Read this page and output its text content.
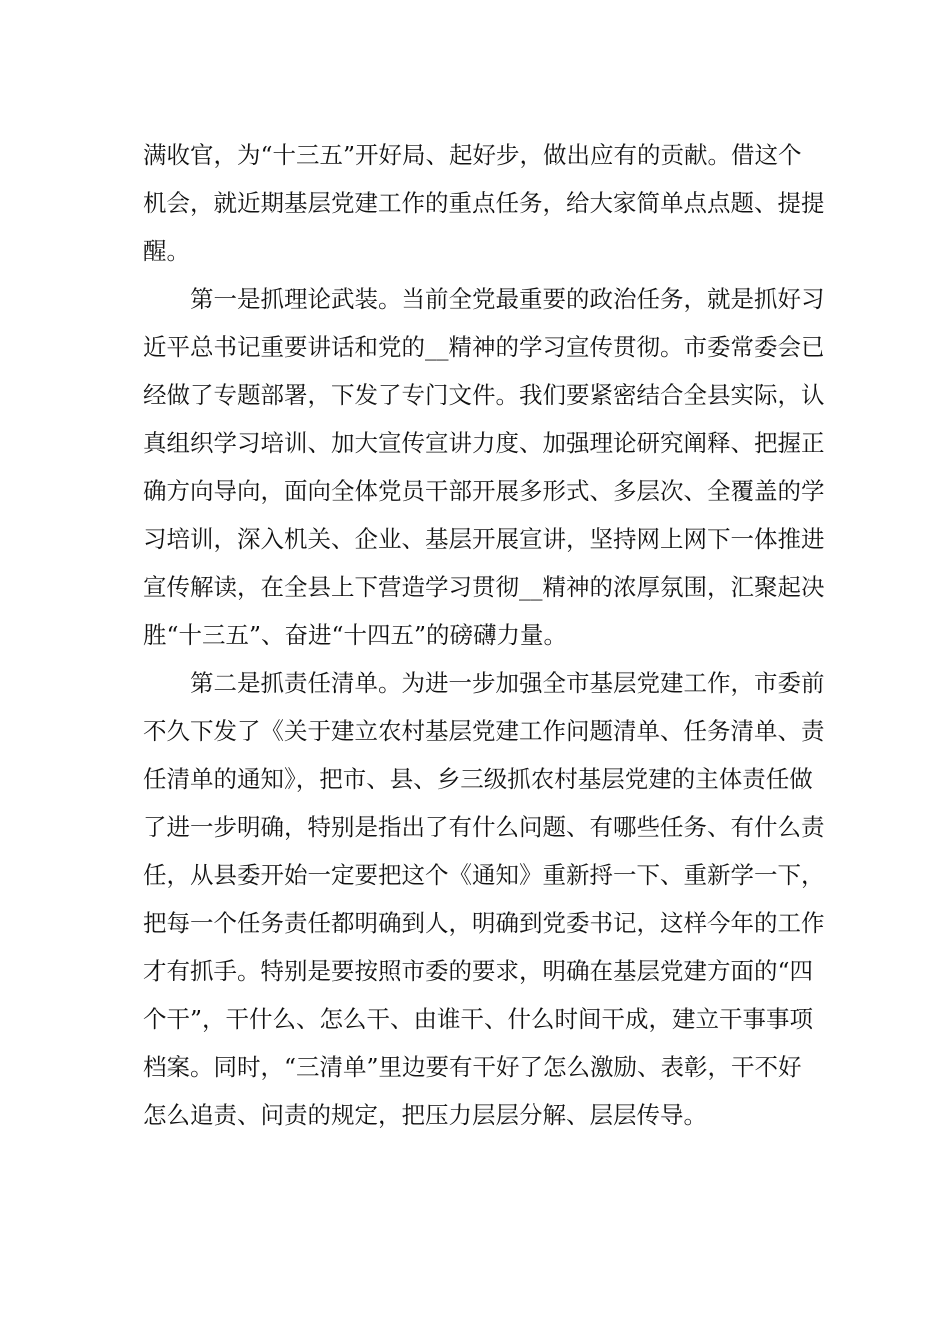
满收官，为“十三五”开好局、起好步，做出应有的贡献。借这个
机会，就近期基层党建工作的重点任务，给大家简单点点题、提提
醒。
第一是抓理论武装。当前全党最重要的政治任务，就是抓好习
近平总书记重要讲话和党的__精神的学习宣传贯彻。市委常委会已
经做了专题部署，下发了专门文件。我们要紧密结合全县实际，认
真组织学习培训、加大宣传宣讲力度、加强理论研究阐释、把握正
确方向导向，面向全体党员干部开展多形式、多层次、全覆盖的学
习培训，深入机关、企业、基层开展宣讲，坚持网上网下一体推进
宣传解读，在全县上下营造学习贯彻__精神的浓厚氛围，汇聚起决
胜“十三五”、奋进“十四五”的磅礴力量。
第二是抓责任清单。为进一步加强全市基层党建工作，市委前
不久下发了《关于建立农村基层党建工作问题清单、任务清单、责
任清单的通知》，把市、县、乡三级抓农村基层党建的主体责任做
了进一步明确，特别是指出了有什么问题、有哪些任务、有什么责
任，从县委开始一定要把这个《通知》重新捋一下、重新学一下，
把每一个任务责任都明确到人，明确到党委书记，这样今年的工作
才有抓手。特别是要按照市委的要求，明确在基层党建方面的“四
个干”，干什么、怎么干、由谁干、什么时间干成，建立干事事项
档案。同时，“三清单”里边要有干好了怎么激励、表彰，干不好
怎么追责、问责的规定，把压力层层分解、层层传导。
